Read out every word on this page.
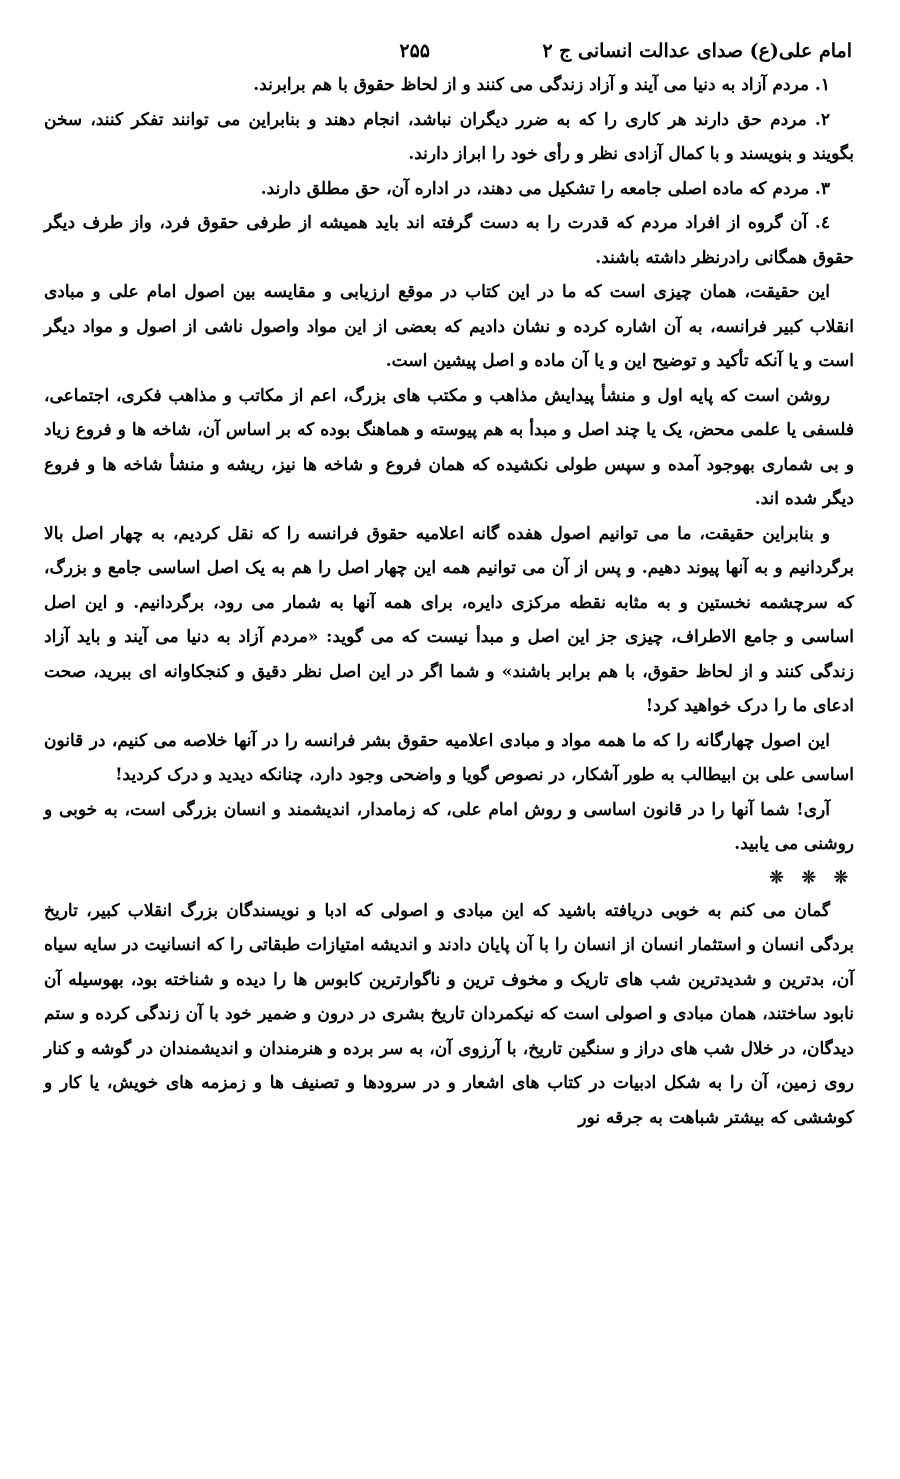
امام علی(ع) صدای عدالت انسانی ج ۲
۲۵۵

۱. مردم آزاد به دنیا می آیند و آزاد زندگی می کنند و از لحاظ حقوق با هم برابرند.

۲. مردم حق دارند هر کاری را که به ضرر دیگران نباشد، انجام دهند و بنابراین می توانند تفکر کنند، سخن بگویند و بنویسند و با کمال آزادی نظر و رأی خود را ابراز دارند.

۳. مردم که ماده اصلی جامعه را تشکیل می دهند، در اداره آن، حق مطلق دارند.

٤. آن گروه از افراد مردم که قدرت را به دست گرفته اند باید همیشه از طرفی حقوق فرد، واز طرف دیگر حقوق همگانی رادرنظر داشته باشند.

این حقیقت، همان چیزی است که ما در این کتاب در موقع ارزیابی و مقایسه بین اصول امام علی و مبادی انقلاب کبیر فرانسه، به آن اشاره کرده و نشان دادیم که بعضی از این مواد واصول ناشی از اصول و مواد دیگر است و یا آنکه تأکید و توضیح این و یا آن ماده و اصل پیشین است.

روشن است که پایه اول و منشأ پیدایش مذاهب و مکتب های بزرگ، اعم از مکاتب و مذاهب فکری، اجتماعی، فلسفی یا علمی محض، یک یا چند اصل و مبدأ به هم پیوسته و هماهنگ بوده که بر اساس آن، شاخه ها و فروع زیاد و بی شماری بهوجود آمده و سپس طولی نکشیده که همان فروع و شاخه ها نیز، ریشه و منشأ شاخه ها و فروع دیگر شده اند.

و بنابراین حقیقت، ما می توانیم اصول هفده گانه اعلامیه حقوق فرانسه را که نقل کردیم، به چهار اصل بالا برگردانیم و به آنها پیوند دهیم. و پس از آن می توانیم همه این چهار اصل را هم به یک اصل اساسی جامع و بزرگ، که سرچشمه نخستین و به مثابه نقطه مرکزی دایره، برای همه آنها به شمار می رود، برگردانیم. و این اصل اساسی و جامع الاطراف، چیزی جز این اصل و مبدأ نیست که می گوید: «مردم آزاد به دنیا می آیند و باید آزاد زندگی کنند و از لحاظ حقوق، با هم برابر باشند» و شما اگر در این اصل نظر دقیق و کنجکاوانه ای ببرید، صحت ادعای ما را درک خواهید کرد!

این اصول چهارگانه را که ما همه مواد و مبادی اعلامیه حقوق بشر فرانسه را در آنها خلاصه می کنیم، در قانون اساسی علی بن ابیطالب به طور آشکار، در نصوص گویا و واضحی وجود دارد، چنانکه دیدید و درک کردید!

آری! شما آنها را در قانون اساسی و روش امام علی، که زمامدار، اندیشمند و انسان بزرگی است، به خوبی و روشنی می یابید.

❊ ❊ ❊

گمان می کنم به خوبی دریافته باشید که این مبادی و اصولی که ادبا و نویسندگان بزرگ انقلاب کبیر، تاریخ بردگی انسان و استثمار انسان از انسان را با آن پایان دادند و اندیشه امتیازات طبقاتی را که انسانیت در سایه سیاه آن، بدترین و شدیدترین شب های تاریک و مخوف ترین و ناگوارترین کابوس ها را دیده و شناخته بود، بهوسیله آن نابود ساختند، همان مبادی و اصولی است که نیکمردان تاریخ بشری در درون و ضمیر خود با آن زندگی کرده و ستم دیدگان، در خلال شب های دراز و سنگین تاریخ، با آرزوی آن، به سر برده و هنرمندان و اندیشمندان در گوشه و کنار روی زمین، آن را به شکل ادبیات در کتاب های اشعار و در سرودها و تصنیف ها و زمزمه های خویش، یا کار و کوششی که بیشتر شباهت به جرقه نور
